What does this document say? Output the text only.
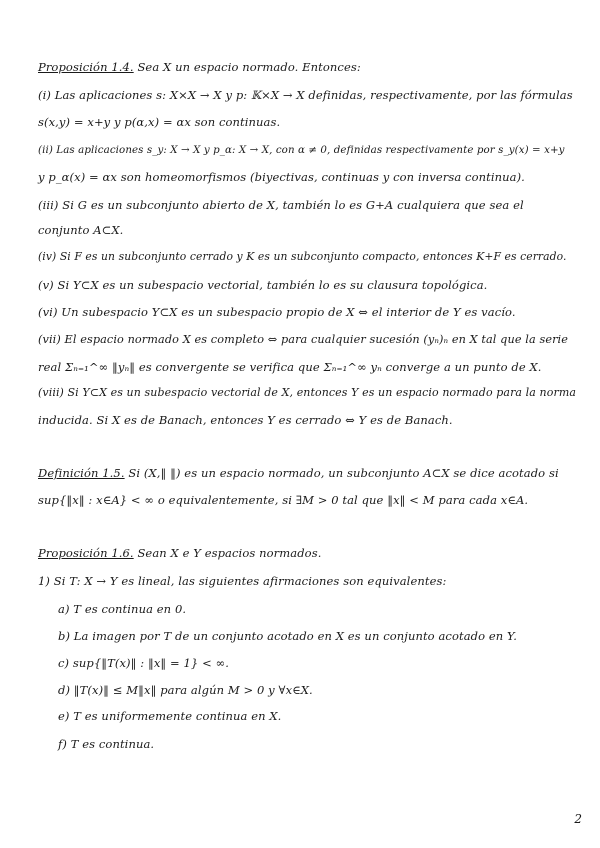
Proposición 1.4. Sea X un espacio normado. Entonces:
(i) Las aplicaciones s: X×X → X y p: 𝕂×X → X definidas, respectivamente, por las fórmulas
s(x,y) = x+y y p(α,x) = αx son continuas.
(ii) Las aplicaciones s_y: X → X y p_α: X → X, con α ≠ 0, definidas respectivamente por s_y(x) = x+y
y p_α(x) = αx son homeomorfismos (biyectivas, continuas y con inversa continua).
(iii) Si G es un subconjunto abierto de X, también lo es G+A cualquiera que sea el
conjunto A⊂X.
(iv) Si F es un subconjunto cerrado y K es un subconjunto compacto, entonces K+F es cerrado.
(v) Si Y⊂X es un subespacio vectorial, también lo es su clausura topológica.
(vi) Un subespacio Y⊂X es un subespacio propio de X ⇔ el interior de Y es vacío.
(vii) El espacio normado X es completo ⇔ para cualquier sucesión (yₙ)ₙ en X tal que la serie
real Σₙ₌₁^∞ ‖yₙ‖ es convergente se verifica que Σₙ₌₁^∞ yₙ converge a un punto de X.
(viii) Si Y⊂X es un subespacio vectorial de X, entonces Y es un espacio normado para la norma
inducida. Si X es de Banach, entonces Y es cerrado ⇔ Y es de Banach.
Definición 1.5. Si (X,‖ ‖) es un espacio normado, un subconjunto A⊂X se dice acotado si
sup{‖x‖ : x∈A} < ∞ o equivalentemente, si ∃M > 0 tal que ‖x‖ < M para cada x∈A.
Proposición 1.6. Sean X e Y espacios normados.
1) Si T: X → Y es lineal, las siguientes afirmaciones son equivalentes:
a) T es continua en 0.
b) La imagen por T de un conjunto acotado en X es un conjunto acotado en Y.
c) sup{‖T(x)‖ : ‖x‖ = 1} < ∞.
d) ‖T(x)‖ ≤ M‖x‖ para algún M > 0 y ∀x∈X.
e) T es uniformemente continua en X.
f) T es continua.
2
